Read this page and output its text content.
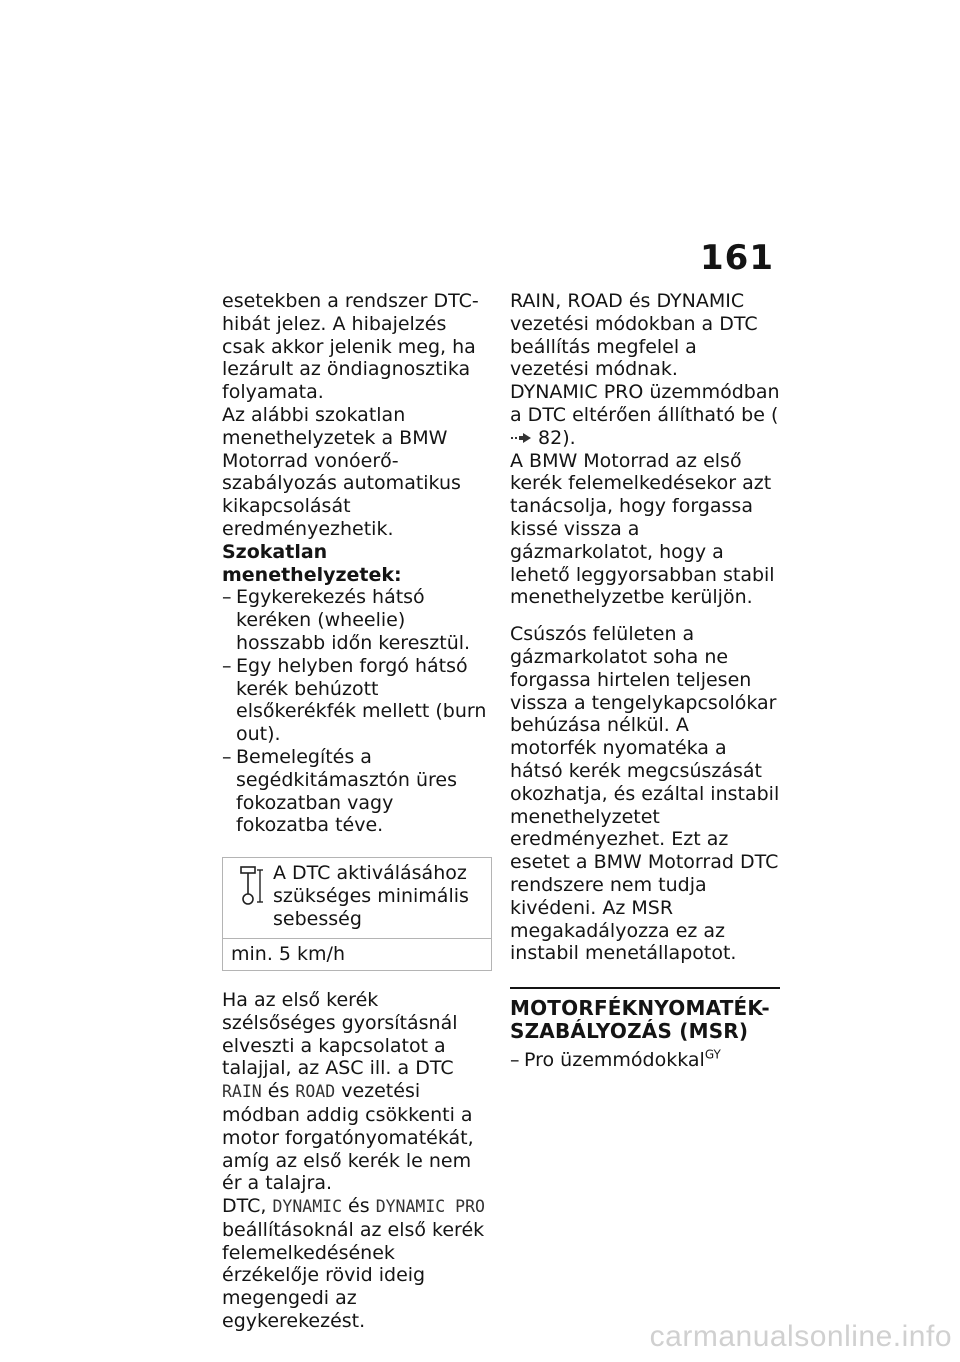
161

esetekben a rendszer DTC-hibát jelez. A hibajelzés csak akkor jelenik meg, ha lezárult az öndiagnosztika folyamata.

Az alábbi szokatlan menethelyzetek a BMW Motorrad vonóerő-szabályozás automatikus kikapcsolását eredményezhetik.

Szokatlan menethelyzetek:

– Egykerekezés hátsó keréken (wheelie) hosszabb időn keresztül.

– Egy helyben forgó hátsó kerék behúzott elsőkerékfék mellett (burn out).

– Bemelegítés a segédkitámasztón üres fokozatban vagy fokozatba téve.

A DTC aktiválásához szükséges minimális sebesség
min. 5 km/h

Ha az első kerék szélsőséges gyorsításnál elveszti a kapcsolatot a talajjal, az ASC ill. a DTC RAIN és ROAD vezetési módban addig csökkenti a motor forgatónyomatékát, amíg az első kerék le nem ér a talajra.

DTC, DYNAMIC és DYNAMIC PRO beállításoknál az első kerék felemelkedésének érzékelője rövid ideig megengedi az egykerekezést.

RAIN, ROAD és DYNAMIC vezetési módokban a DTC beállítás megfelel a vezetési módnak.

DYNAMIC PRO üzemmódban a DTC eltérően állítható be ( 82).

A BMW Motorrad az első kerék felemelkedésekor azt tanácsolja, hogy forgassa kissé vissza a gázmarkolatot, hogy a lehető leggyorsabban stabil menethelyzetbe kerüljön.

Csúszós felületen a gázmarkolatot soha ne forgassa hirtelen teljesen vissza a tengelykapcsolókar behúzása nélkül. A motorfék nyomatéka a hátsó kerék megcsúszását okozhatja, és ezáltal instabil menethelyzetet eredményezhet. Ezt az esetet a BMW Motorrad DTC rendszere nem tudja kivédeni. Az MSR megakadályozza ez az instabil menetállapotot.

MOTORFÉKNYOMATÉK-SZABÁLYOZÁS (MSR)

– Pro üzemmódokkal$^{GY}$

carmanualsonline.info
